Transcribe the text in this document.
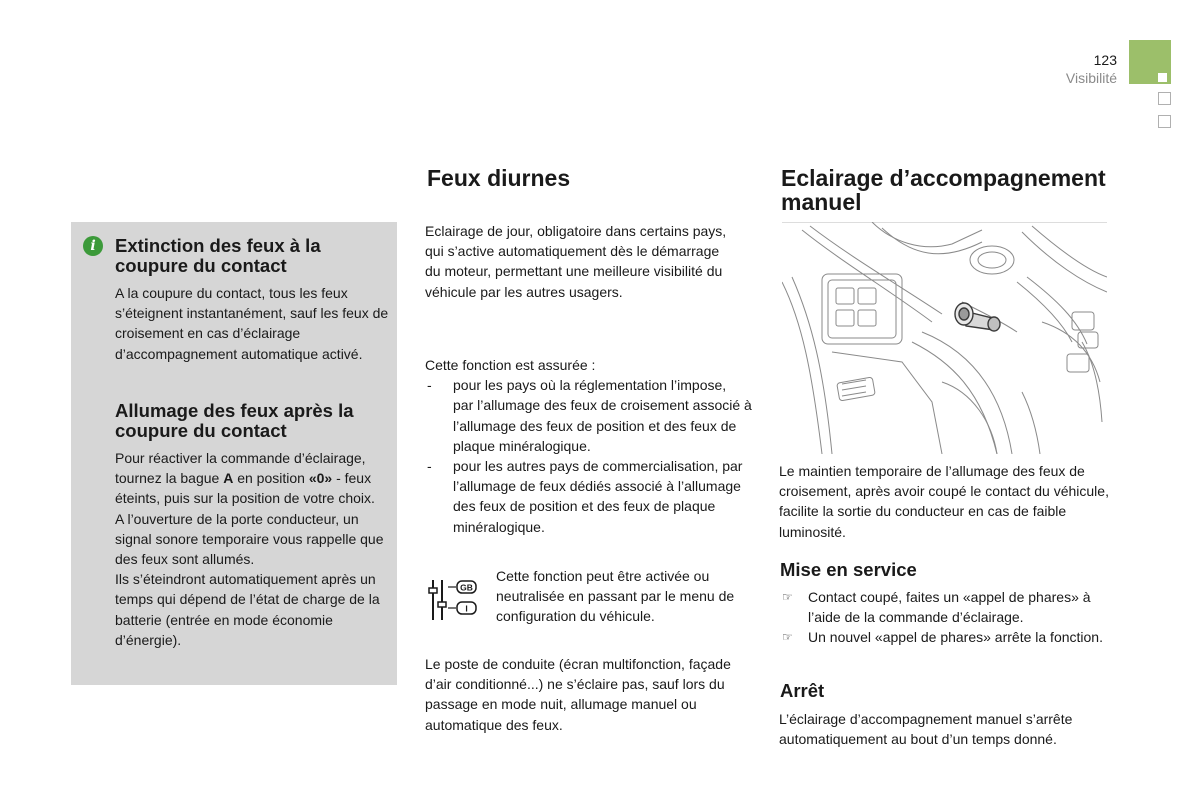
123
Visibilité
i	Extinction des feux à la coupure du contact
A la coupure du contact, tous les feux s’éteignent instantanément, sauf les feux de croisement en cas d’éclairage d’accompagnement automatique activé.
Allumage des feux après la coupure du contact
Pour réactiver la commande d’éclairage, tournez la bague A en position «0» - feux éteints, puis sur la position de votre choix.
A l’ouverture de la porte conducteur, un signal sonore temporaire vous rappelle que des feux sont allumés.
Ils s’éteindront automatiquement après un temps qui dépend de l’état de charge de la batterie (entrée en mode économie d’énergie).
Feux diurnes
Eclairage de jour, obligatoire dans certains pays, qui s’active automatiquement dès le démarrage du moteur, permettant une meilleure visibilité du véhicule par les autres usagers.

Cette fonction est assurée :

- pour les pays où la réglementation l’impose,
par l’allumage des feux de croisement associé à l’allumage des feux de position et des feux de plaque minéralogique.
- pour les autres pays de commercialisation, par l’allumage de feux dédiés associé à l’allumage des feux de position et des feux de plaque minéralogique.
GB
I
Cette fonction peut être activée ou neutralisée en passant par le menu de configuration du véhicule.
Le poste de conduite (écran multifonction, façade d’air conditionné...) ne s’éclaire pas, sauf lors du passage en mode nuit, allumage manuel ou automatique des feux.
Eclairage d’accompagnement manuel
Le maintien temporaire de l’allumage des feux de croisement, après avoir coupé le contact du véhicule, facilite la sortie du conducteur en cas de faible luminosité.
Mise en service
☞ Contact coupé, faites un «appel de phares» à l’aide de la commande d’éclairage.
☞ Un nouvel «appel de phares» arrête la fonction.
Arrêt
L’éclairage d’accompagnement manuel s’arrête automatiquement au bout d’un temps donné.
